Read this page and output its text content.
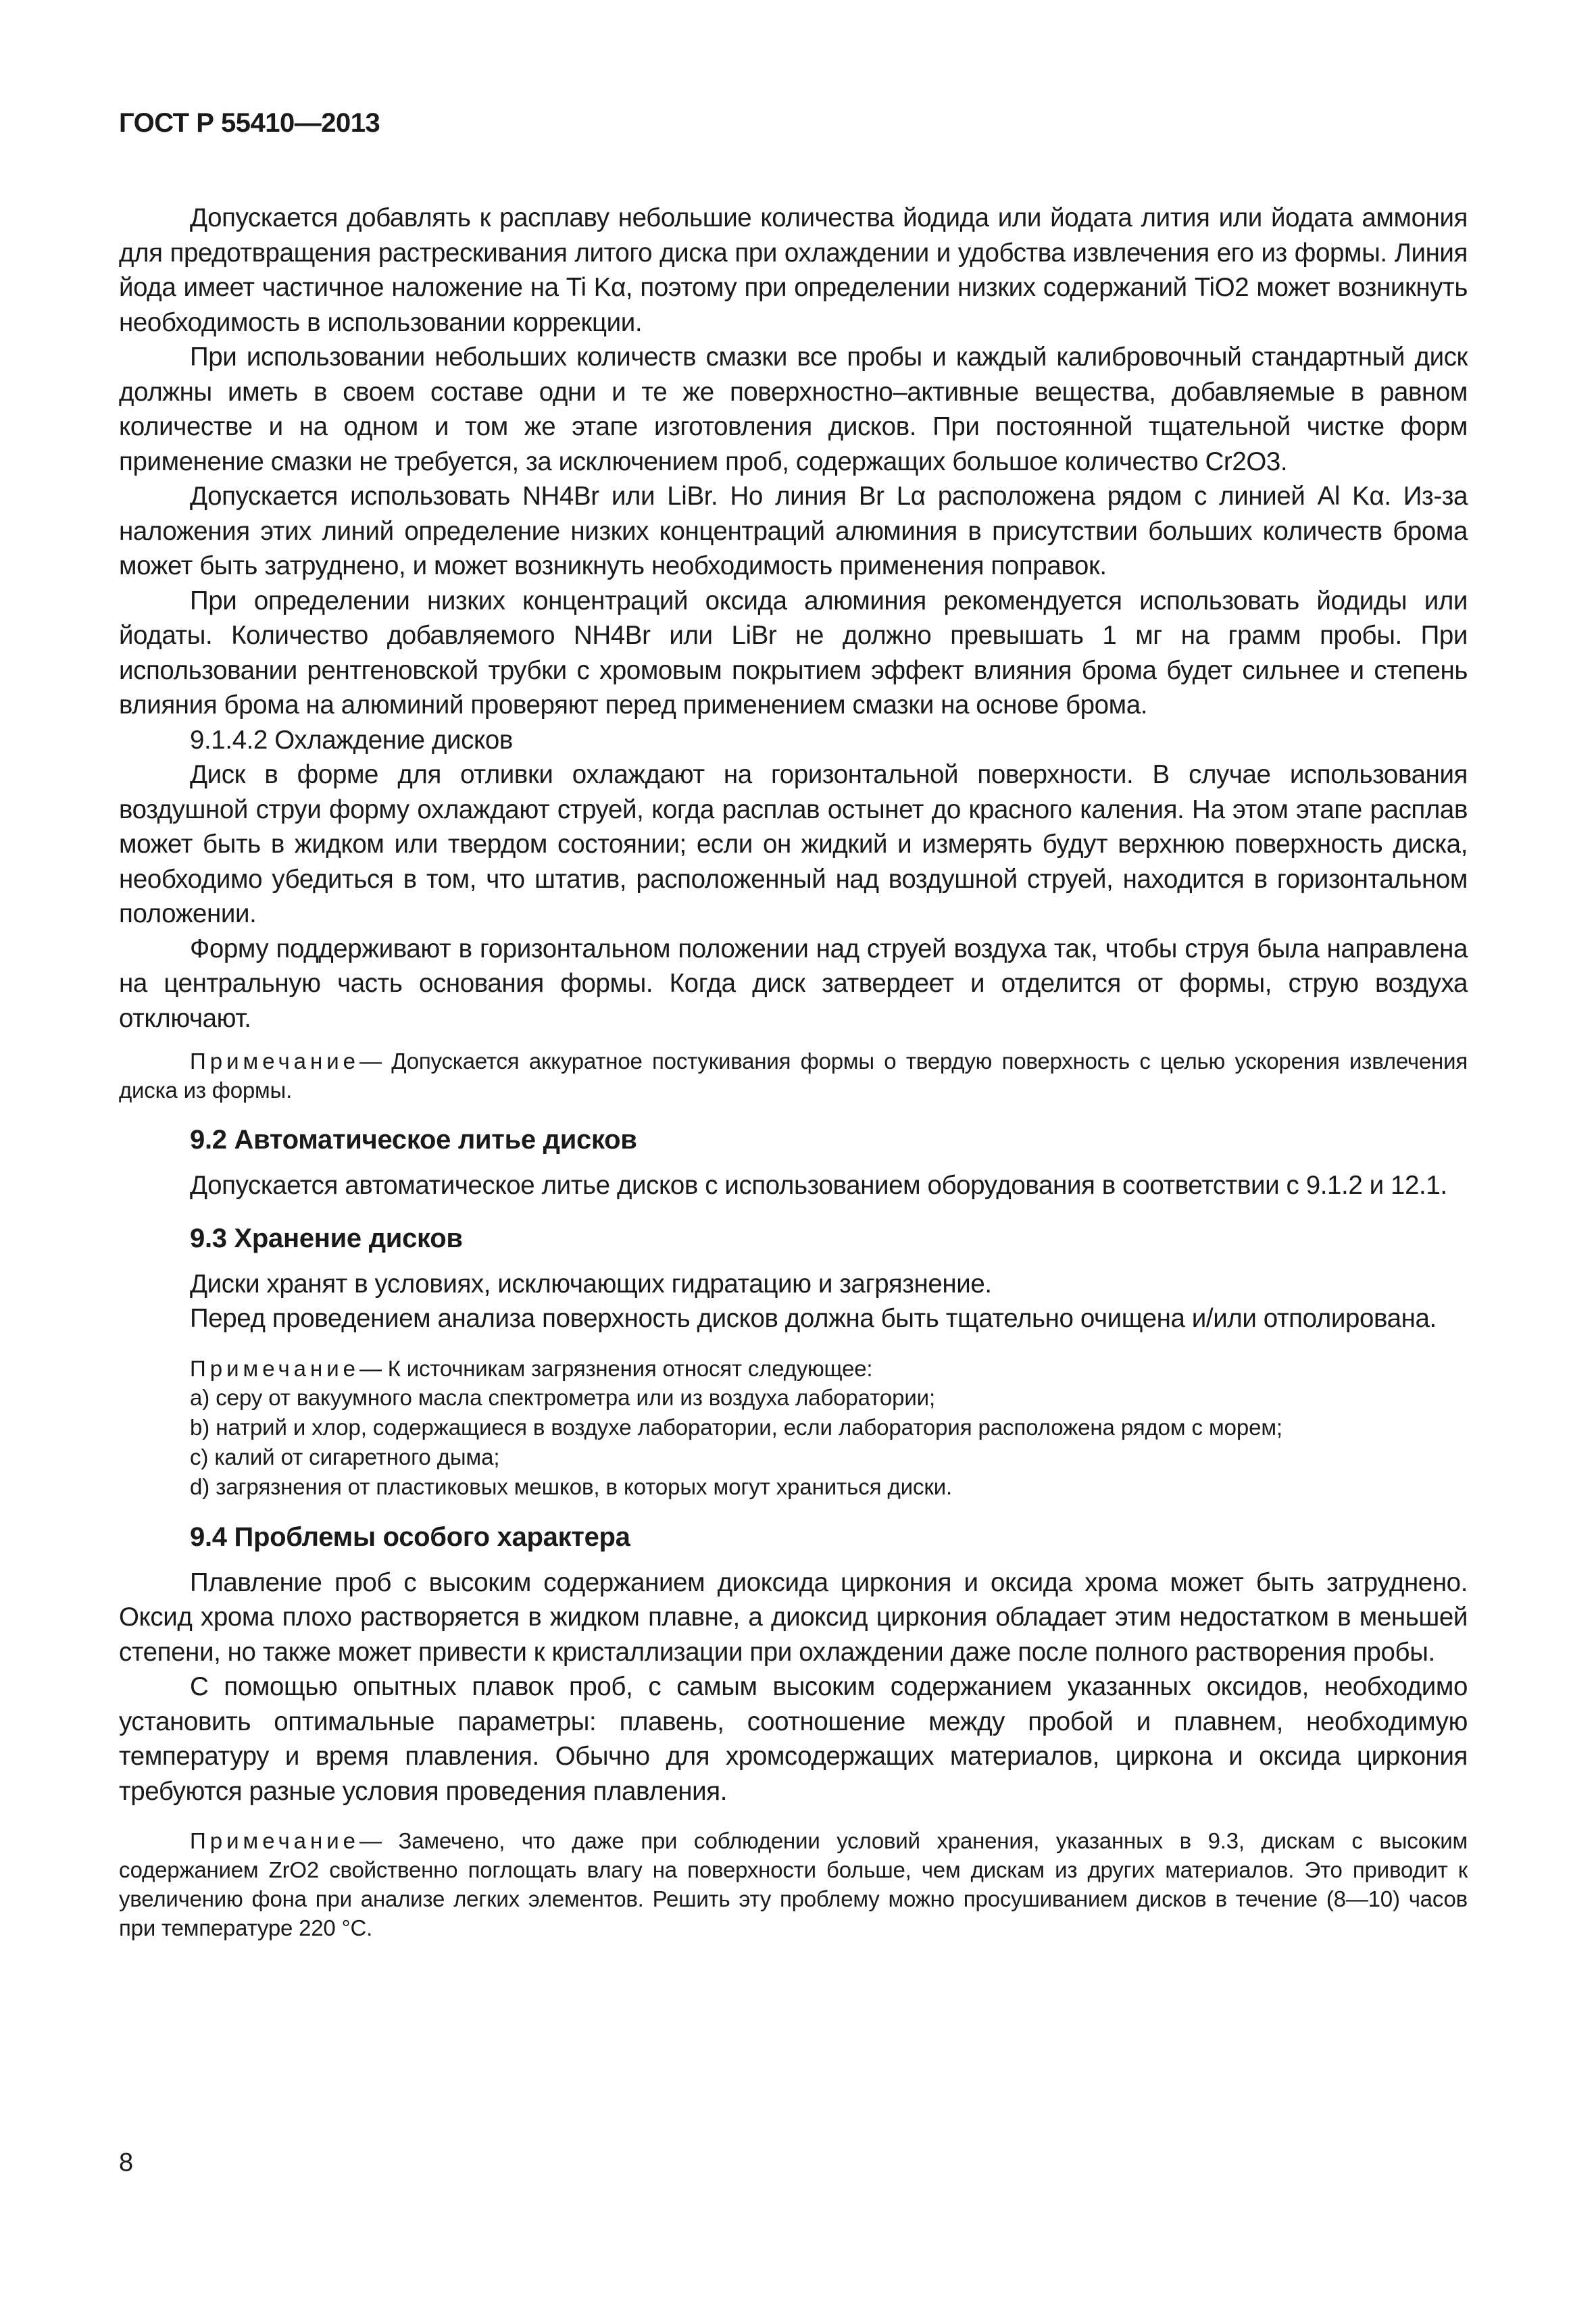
ГОСТ Р 55410—2013

Допускается добавлять к расплаву небольшие количества йодида или йодата лития или йодата аммония для предотвращения растрескивания литого диска при охлаждении и удобства извлечения его из формы. Линия йода имеет частичное наложение на Ti Kα, поэтому при определении низких содержаний TiO2 может возникнуть необходимость в использовании коррекции.

При использовании небольших количеств смазки все пробы и каждый калибровочный стандартный диск должны иметь в своем составе одни и те же поверхностно–активные вещества, добавляемые в равном количестве и на одном и том же этапе изготовления дисков. При постоянной тщательной чистке форм применение смазки не требуется, за исключением проб, содержащих большое количество Cr2O3.

Допускается использовать NH4Br или LiBr. Но линия Br Lα расположена рядом с линией Al Kα. Из-за наложения этих линий определение низких концентраций алюминия в присутствии больших количеств брома может быть затруднено, и может возникнуть необходимость применения поправок.

При определении низких концентраций оксида алюминия рекомендуется использовать йодиды или йодаты. Количество добавляемого NH4Br или LiBr не должно превышать 1 мг на грамм пробы. При использовании рентгеновской трубки с хромовым покрытием эффект влияния брома будет сильнее и степень влияния брома на алюминий проверяют перед применением смазки на основе брома.

9.1.4.2 Охлаждение дисков

Диск в форме для отливки охлаждают на горизонтальной поверхности. В случае использования воздушной струи форму охлаждают струей, когда расплав остынет до красного каления. На этом этапе расплав может быть в жидком или твердом состоянии; если он жидкий и измерять будут верхнюю поверхность диска, необходимо убедиться в том, что штатив, расположенный над воздушной струей, находится в горизонтальном положении.

Форму поддерживают в горизонтальном положении над струей воздуха так, чтобы струя была направлена на центральную часть основания формы. Когда диск затвердеет и отделится от формы, струю воздуха отключают.

Примечание— Допускается аккуратное постукивания формы о твердую поверхность с целью ускорения извлечения диска из формы.

9.2 Автоматическое литье дисков

Допускается автоматическое литье дисков с использованием оборудования в соответствии с 9.1.2 и 12.1.

9.3 Хранение дисков

Диски хранят в условиях, исключающих гидратацию и загрязнение.

Перед проведением анализа поверхность дисков должна быть тщательно очищена и/или отполирована.

Примечание— К источникам загрязнения относят следующее:

a) серу от вакуумного масла спектрометра или из воздуха лаборатории;

b) натрий и хлор, содержащиеся в воздухе лаборатории, если лаборатория расположена рядом с морем;

c) калий от сигаретного дыма;

d) загрязнения от пластиковых мешков, в которых могут храниться диски.

9.4 Проблемы особого характера

Плавление проб с высоким содержанием диоксида циркония и оксида хрома может быть затруднено. Оксид хрома плохо растворяется в жидком плавне, а диоксид циркония обладает этим недостатком в меньшей степени, но также может привести к кристаллизации при охлаждении даже после полного растворения пробы.

С помощью опытных плавок проб, с самым высоким содержанием указанных оксидов, необходимо установить оптимальные параметры: плавень, соотношение между пробой и плавнем, необходимую температуру и время плавления. Обычно для хромсодержащих материалов, циркона и оксида циркония требуются разные условия проведения плавления.

Примечание— Замечено, что даже при соблюдении условий хранения, указанных в 9.3, дискам с высоким содержанием ZrO2 свойственно поглощать влагу на поверхности больше, чем дискам из других материалов. Это приводит к увеличению фона при анализе легких элементов. Решить эту проблему можно просушиванием дисков в течение (8—10) часов при температуре 220 °C.

8
